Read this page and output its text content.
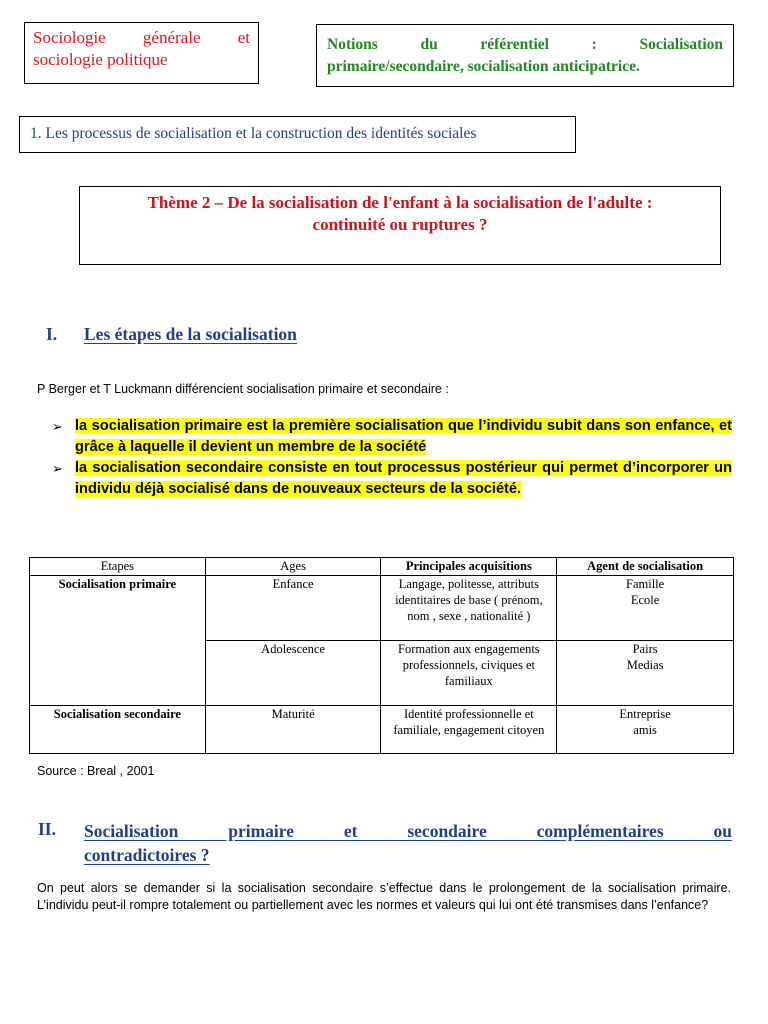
Sociologie générale et
sociologie politique
Notions du référentiel : Socialisation
primaire/secondaire, socialisation anticipatrice.
1. Les processus de socialisation et la construction des identités sociales
Thème 2 – De la socialisation de l'enfant à la socialisation de l'adulte :
continuité ou ruptures ?
I. Les étapes de la socialisation
P Berger et T Luckmann différencient socialisation primaire et secondaire :
➢ la socialisation primaire est la première socialisation que l’individu subit dans son enfance, et grâce à laquelle il devient un membre de la société
➢ la socialisation secondaire consiste en tout processus postérieur qui permet d’incorporer un individu déjà socialisé dans de nouveaux secteurs de la société.
Etapes	Ages	Principales acquisitions	Agent de socialisation
Socialisation primaire	Enfance	Langage, politesse, attributs identitaires de base ( prénom, nom , sexe , nationalité )	Famille
Ecole

	Adolescence	Formation aux engagements professionnels, civiques et familiaux	Pairs
Medias

Socialisation secondaire	Maturité	Identité professionnelle et familiale, engagement citoyen	Entreprise
amis
Source : Breal , 2001
II. Socialisation primaire et secondaire complémentaires ou
contradictoires ?
On peut alors se demander si la socialisation secondaire s’effectue dans le prolongement de la socialisation primaire. L’individu peut-il rompre totalement ou partiellement avec les normes et valeurs qui lui ont été transmises dans l’enfance?
